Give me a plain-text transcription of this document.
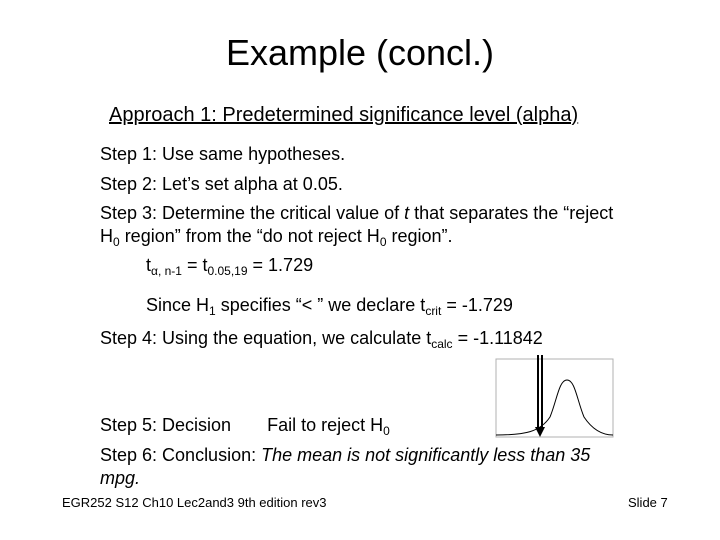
Example (concl.)
Approach 1: Predetermined significance level (alpha)
Step 1: Use same hypotheses.
Step 2: Let’s set alpha at 0.05.
Step 3: Determine the critical value of t that separates the “reject
$H_0$ region” from the “do not reject $H_0$ region”.
$t_{\alpha, n-1} = t_{0.05,19} = 1.729$
Since $H_1$ specifies “< ” we declare $t_{crit} = -1.729$
Step 4: Using the equation, we calculate $t_{calc} = -1.11842$
Step 5: Decision Fail to reject $H_0$
Step 6: Conclusion: The mean is not significantly less than 35
mpg.
EGR252 S12 Ch10 Lec2and3 9th edition rev3	Slide 7
